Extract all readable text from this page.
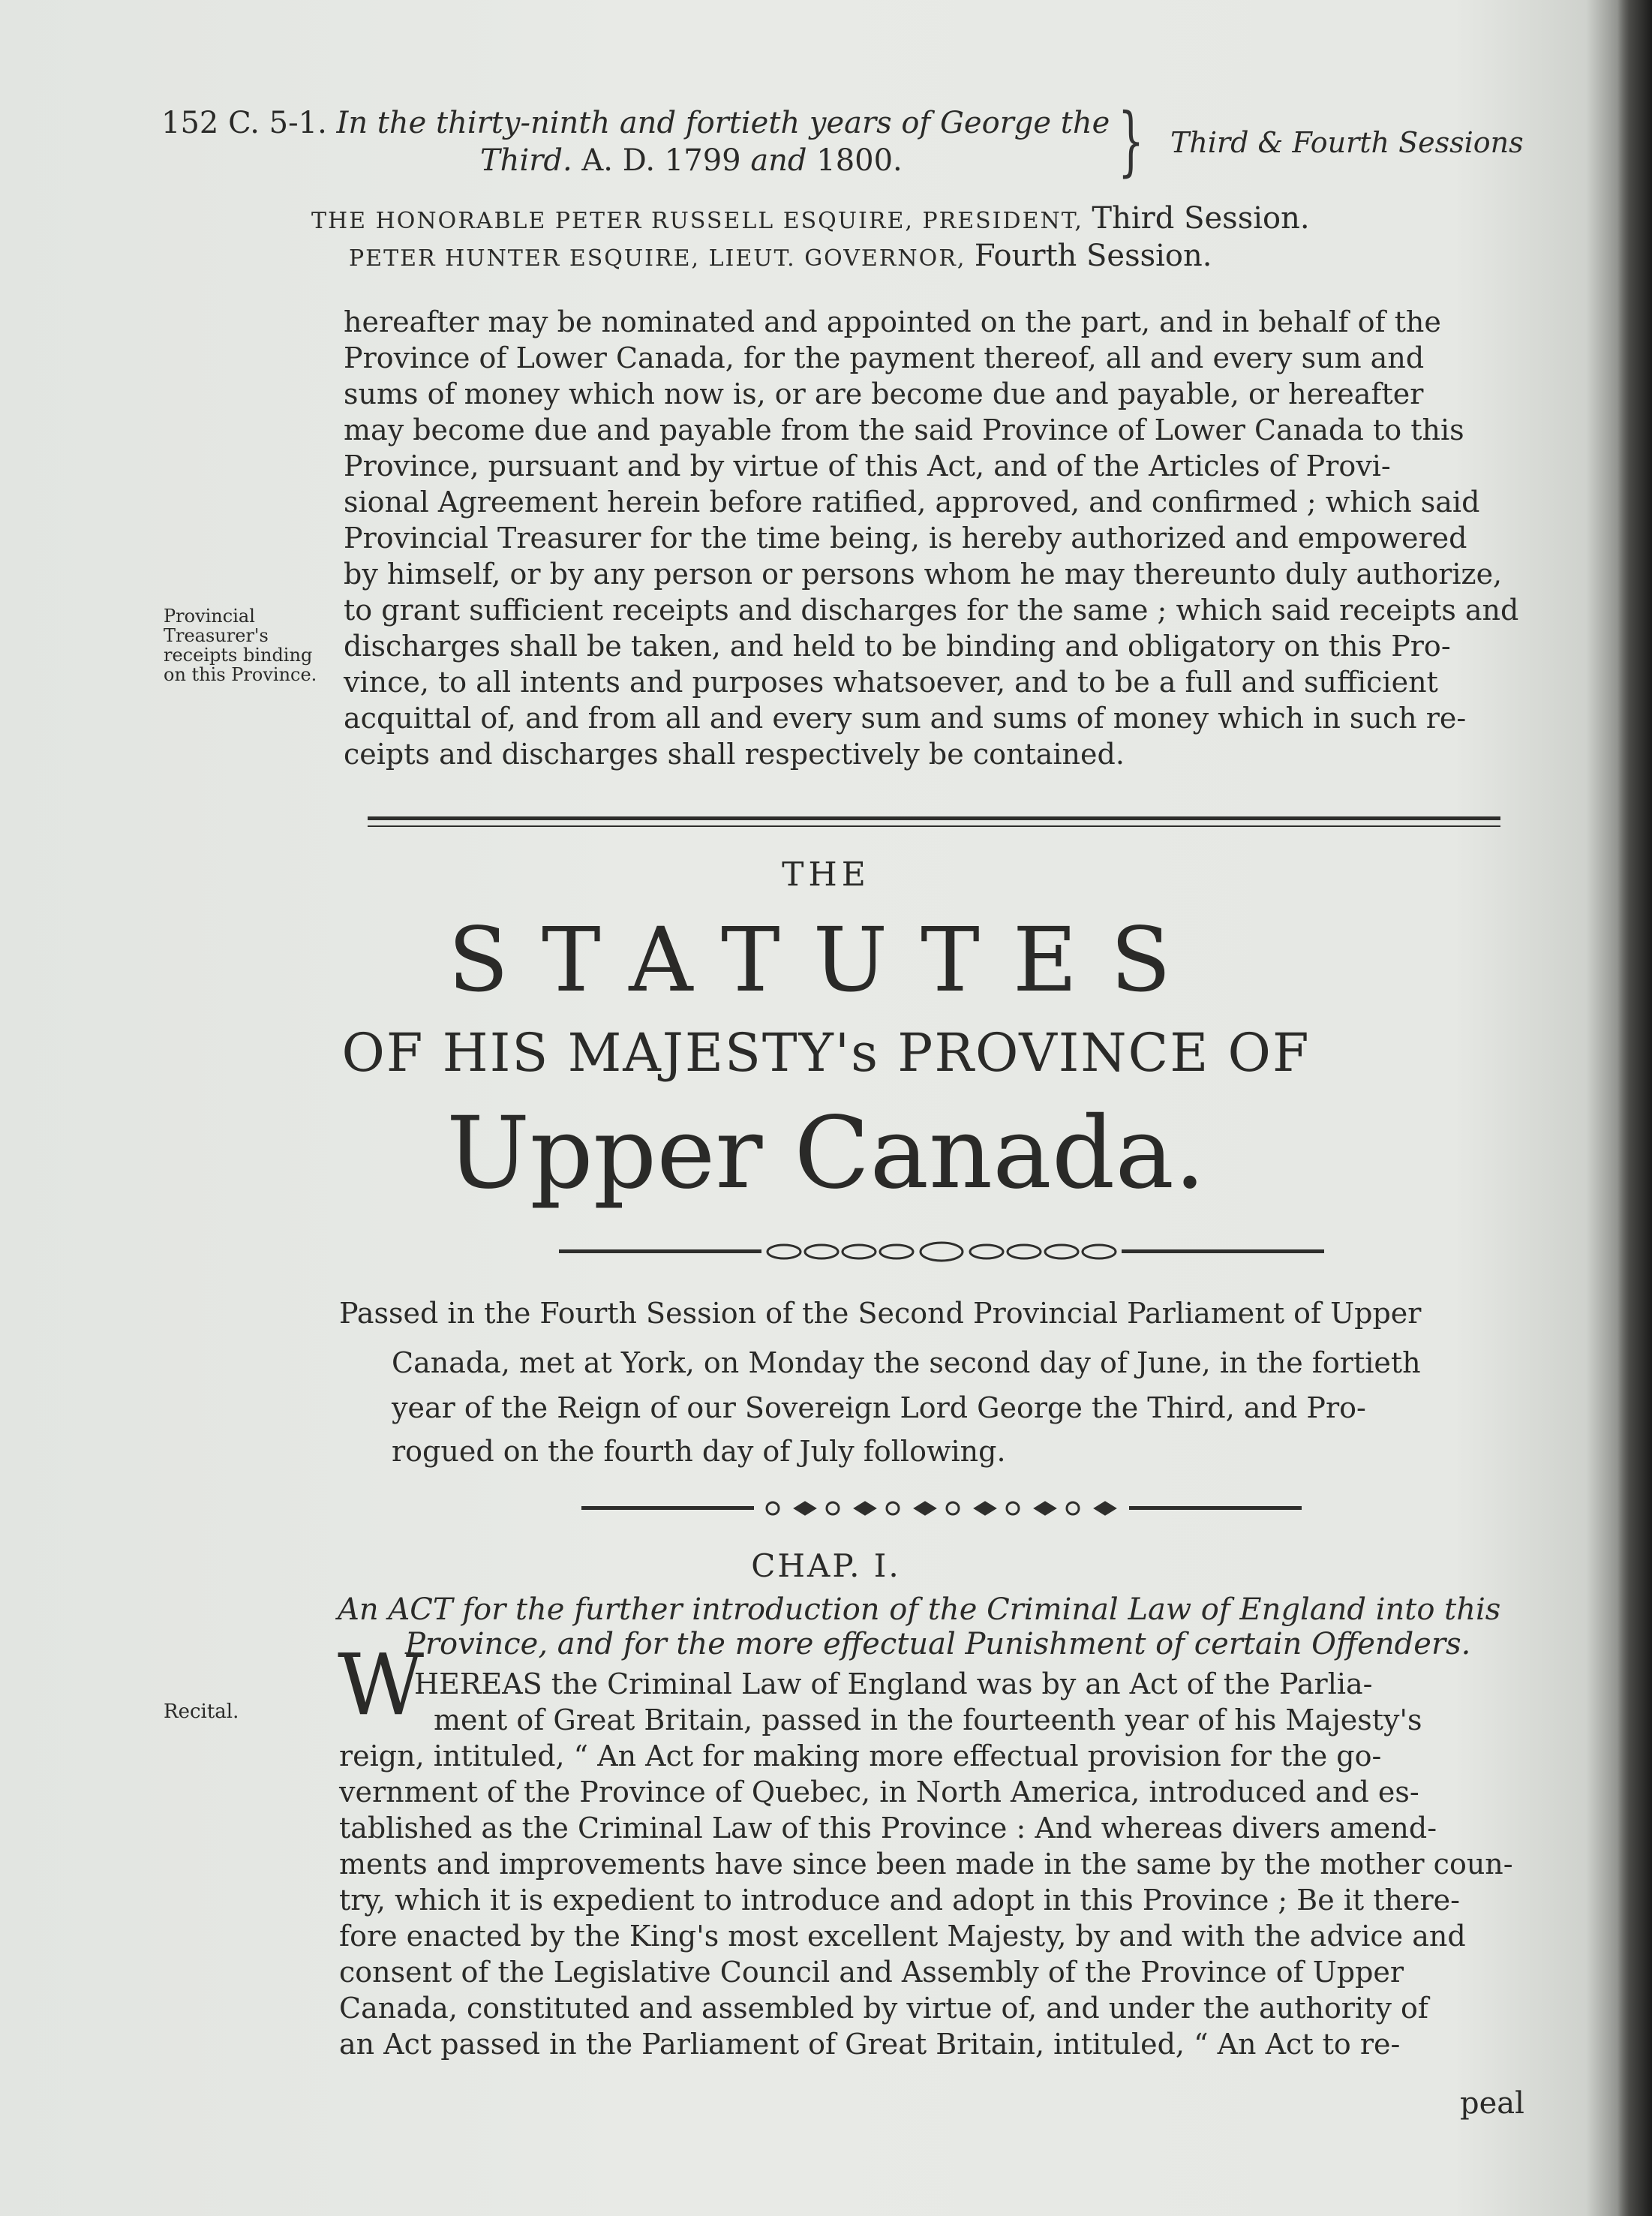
152 C. 5-1. In the thirty-ninth and fortieth years of George the
Third. A. D. 1799 and 1800.	} Third & Fourth Sessions
THE HONORABLE PETER RUSSELL ESQUIRE, PRESIDENT, Third Session.
PETER HUNTER ESQUIRE, LIEUT. GOVERNOR, Fourth Session.
hereafter may be nominated and appointed on the part, and in behalf of the
Province of Lower Canada, for the payment thereof, all and every sum and
sums of money which now is, or are become due and payable, or hereafter
may become due and payable from the said Province of Lower Canada to this
Province, pursuant and by virtue of this Act, and of the Articles of Provi-
sional Agreement herein before ratified, approved, and confirmed ; which said
Provincial Treasurer for the time being, is hereby authorized and empowered
by himself, or by any person or persons whom he may thereunto duly authorize,
to grant sufficient receipts and discharges for the same ; which said receipts and
discharges shall be taken, and held to be binding and obligatory on this Pro-
vince, to all intents and purposes whatsoever, and to be a full and sufficient
acquittal of, and from all and every sum and sums of money which in such re-
ceipts and discharges shall respectively be contained.
Provincial Treasurer's receipts binding on this Province.
THE
STATUTES
OF HIS MAJESTY's PROVINCE OF
Upper Canada.
Passed in the Fourth Session of the Second Provincial Parliament of Upper
Canada, met at York, on Monday the second day of June, in the fortieth
year of the Reign of our Sovereign Lord George the Third, and Pro-
rogued on the fourth day of July following.
CHAP. I.
An ACT for the further introduction of the Criminal Law of England into this
Province, and for the more effectual Punishment of certain Offenders.
Recital.	W
HEREAS the Criminal Law of England was by an Act of the Parlia-
ment of Great Britain, passed in the fourteenth year of his Majesty's
reign, intituled, “ An Act for making more effectual provision for the go-
vernment of the Province of Quebec, in North America, introduced and es-
tablished as the Criminal Law of this Province : And whereas divers amend-
ments and improvements have since been made in the same by the mother coun-
try, which it is expedient to introduce and adopt in this Province ; Be it there-
fore enacted by the King's most excellent Majesty, by and with the advice and
consent of the Legislative Council and Assembly of the Province of Upper
Canada, constituted and assembled by virtue of, and under the authority of
an Act passed in the Parliament of Great Britain, intituled, “ An Act to re-
peal
